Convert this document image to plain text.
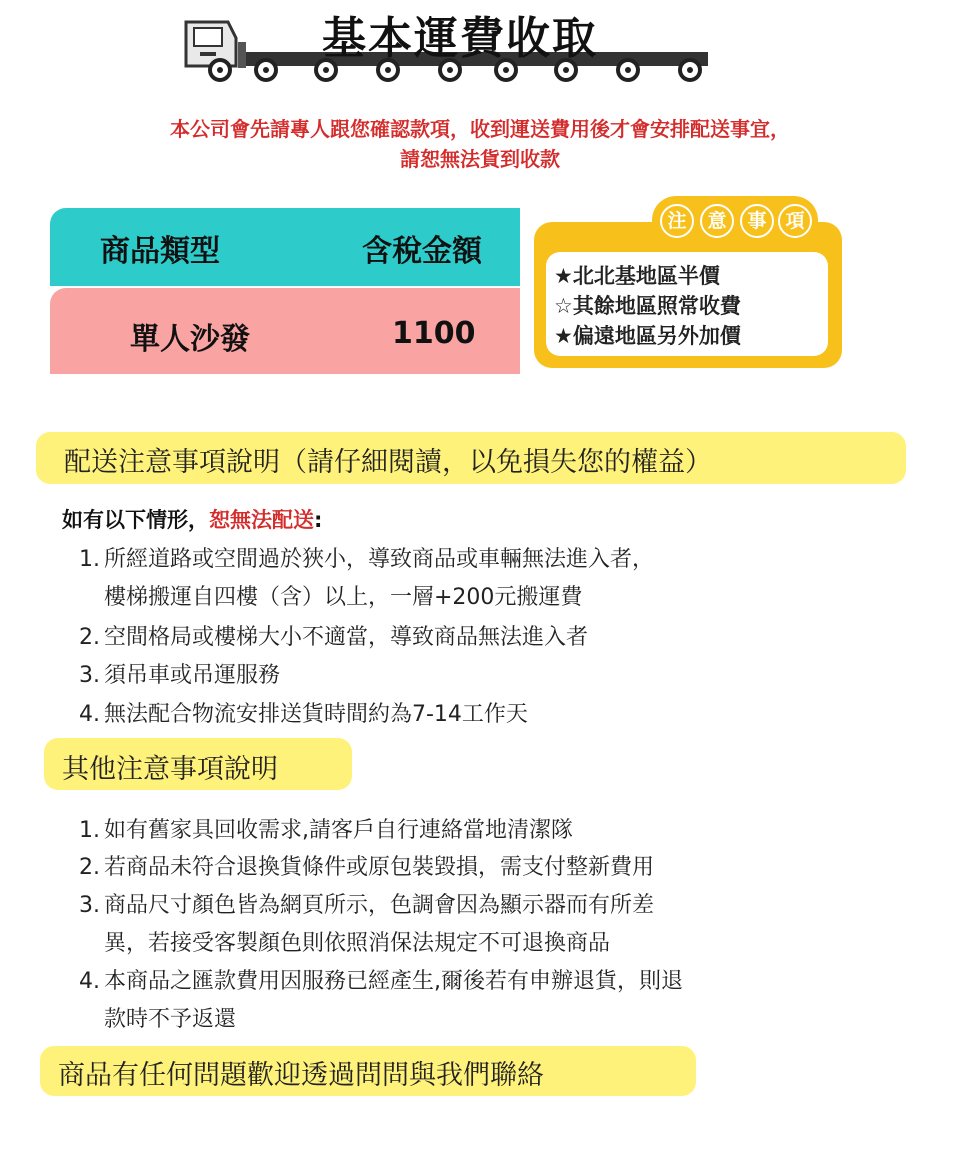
基本運費收取
本公司會先請專人跟您確認款項，收到運送費用後才會安排配送事宜，
請恕無法貨到收款
商品類型	含稅金額
單人沙發	1100
★北北基地區半價
☆其餘地區照常收費
★偏遠地區另外加價
注	意	事 項
配送注意事項說明（請仔細閱讀，以免損失您的權益）
如有以下情形，恕無法配送:
1. 所經道路或空間過於狹小，導致商品或車輛無法進入者，
樓梯搬運自四樓（含）以上，一層+200元搬運費
2. 空間格局或樓梯大小不適當，導致商品無法進入者
3. 須吊車或吊運服務
4. 無法配合物流安排送貨時間約為7-14工作天
其他注意事項說明
1. 如有舊家具回收需求,請客戶自行連絡當地清潔隊
2. 若商品未符合退換貨條件或原包裝毀損，需支付整新費用
3. 商品尺寸顏色皆為網頁所示，色調會因為顯示器而有所差
異，若接受客製顏色則依照消保法規定不可退換商品
4. 本商品之匯款費用因服務已經產生,爾後若有申辦退貨，則退
款時不予返還
商品有任何問題歡迎透過問問與我們聯絡
